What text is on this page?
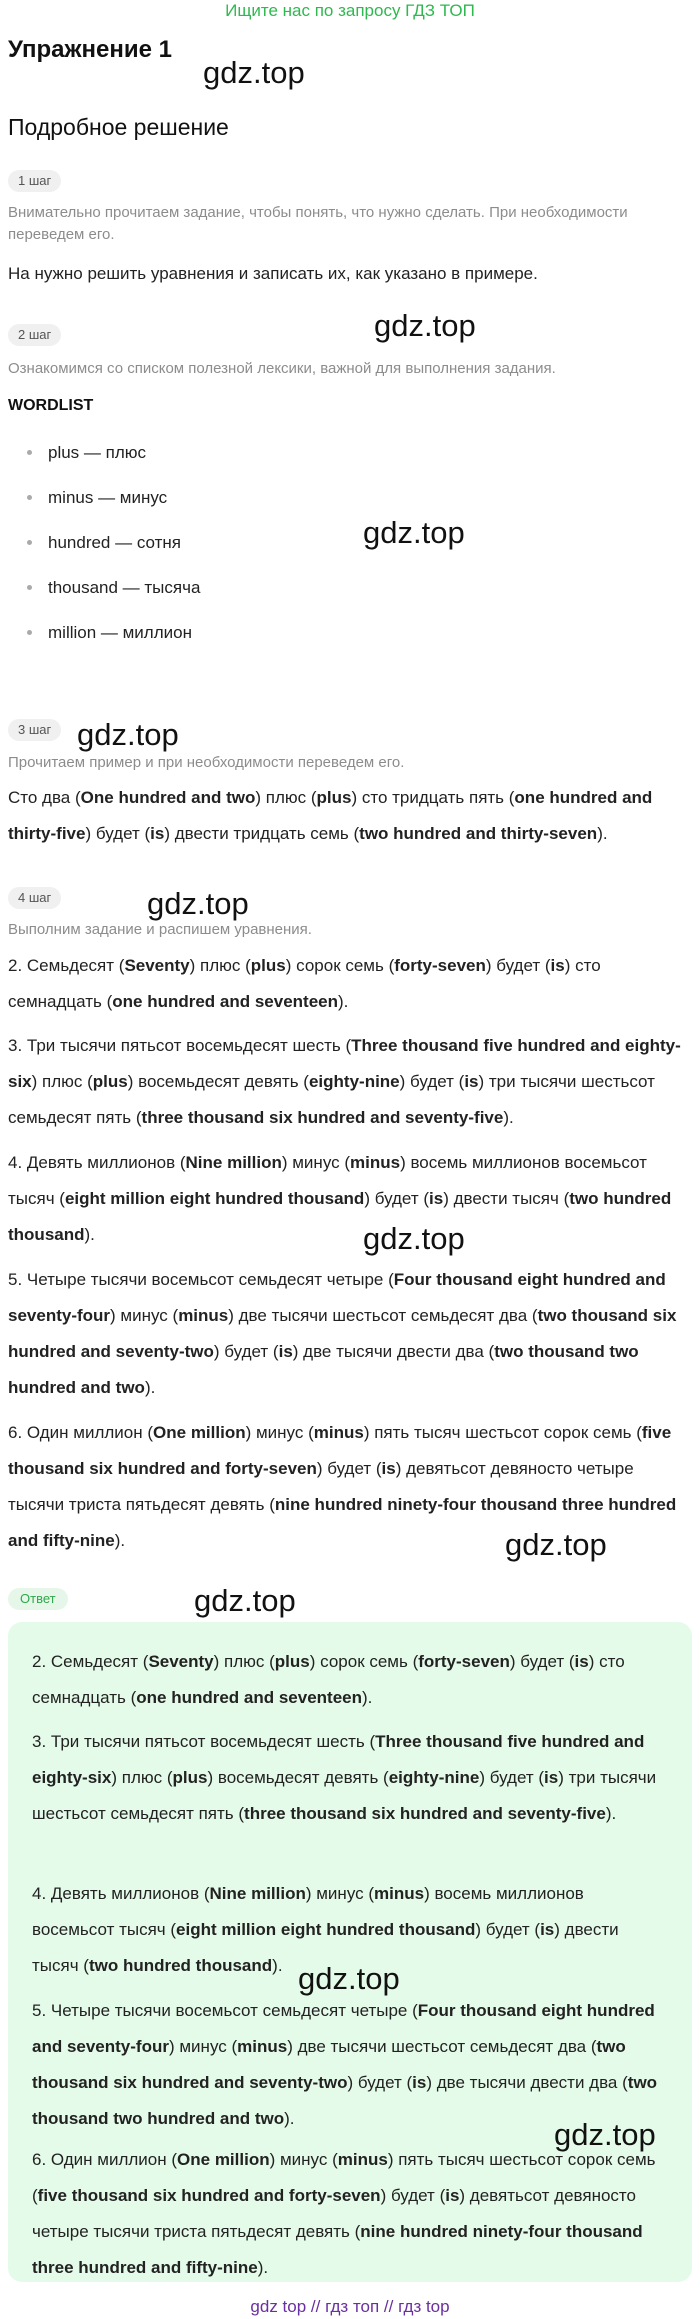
Ищите нас по запросу ГДЗ ТОП
Упражнение 1
Подробное решение
1 шаг
Внимательно прочитаем задание, чтобы понять, что нужно сделать. При необходимости переведем его.
На нужно решить уравнения и записать их, как указано в примере.
2 шаг
Ознакомимся со списком полезной лексики, важной для выполнения задания.
WORDLIST
plus — плюс
minus — минус
hundred — сотня
thousand — тысяча
million — миллион
3 шаг
Прочитаем пример и при необходимости переведем его.
Сто два (One hundred and two) плюс (plus) сто тридцать пять (one hundred and thirty-five) будет (is) двести тридцать семь (two hundred and thirty-seven).
4 шаг
Выполним задание и распишем уравнения.
2. Семьдесят (Seventy) плюс (plus) сорок семь (forty-seven) будет (is) сто семнадцать (one hundred and seventeen).
3. Три тысячи пятьсот восемьдесят шесть (Three thousand five hundred and eighty-six) плюс (plus) восемьдесят девять (eighty-nine) будет (is) три тысячи шестьсот семьдесят пять (three thousand six hundred and seventy-five).
4. Девять миллионов (Nine million) минус (minus) восемь миллионов восемьсот тысяч (eight million eight hundred thousand) будет (is) двести тысяч (two hundred thousand).
5. Четыре тысячи восемьсот семьдесят четыре (Four thousand eight hundred and seventy-four) минус (minus) две тысячи шестьсот семьдесят два (two thousand six hundred and seventy-two) будет (is) две тысячи двести два (two thousand two hundred and two).
6. Один миллион (One million) минус (minus) пять тысяч шестьсот сорок семь (five thousand six hundred and forty-seven) будет (is) девятьсот девяносто четыре тысячи триста пятьдесят девять (nine hundred ninety-four thousand three hundred and fifty-nine).
Ответ
2. Семьдесят (Seventy) плюс (plus) сорок семь (forty-seven) будет (is) сто семнадцать (one hundred and seventeen).
3. Три тысячи пятьсот восемьдесят шесть (Three thousand five hundred and eighty-six) плюс (plus) восемьдесят девять (eighty-nine) будет (is) три тысячи шестьсот семьдесят пять (three thousand six hundred and seventy-five).
4. Девять миллионов (Nine million) минус (minus) восемь миллионов восемьсот тысяч (eight million eight hundred thousand) будет (is) двести тысяч (two hundred thousand).
5. Четыре тысячи восемьсот семьдесят четыре (Four thousand eight hundred and seventy-four) минус (minus) две тысячи шестьсот семьдесят два (two thousand six hundred and seventy-two) будет (is) две тысячи двести два (two thousand two hundred and two).
6. Один миллион (One million) минус (minus) пять тысяч шестьсот сорок семь (five thousand six hundred and forty-seven) будет (is) девятьсот девяносто четыре тысячи триста пятьдесят девять (nine hundred ninety-four thousand three hundred and fifty-nine).
gdz.top
gdz.top
gdz.top
gdz.top
gdz.top
gdz.top
gdz.top
gdz.top
gdz.top
gdz.top
gdz top // гдз топ // гдз top
